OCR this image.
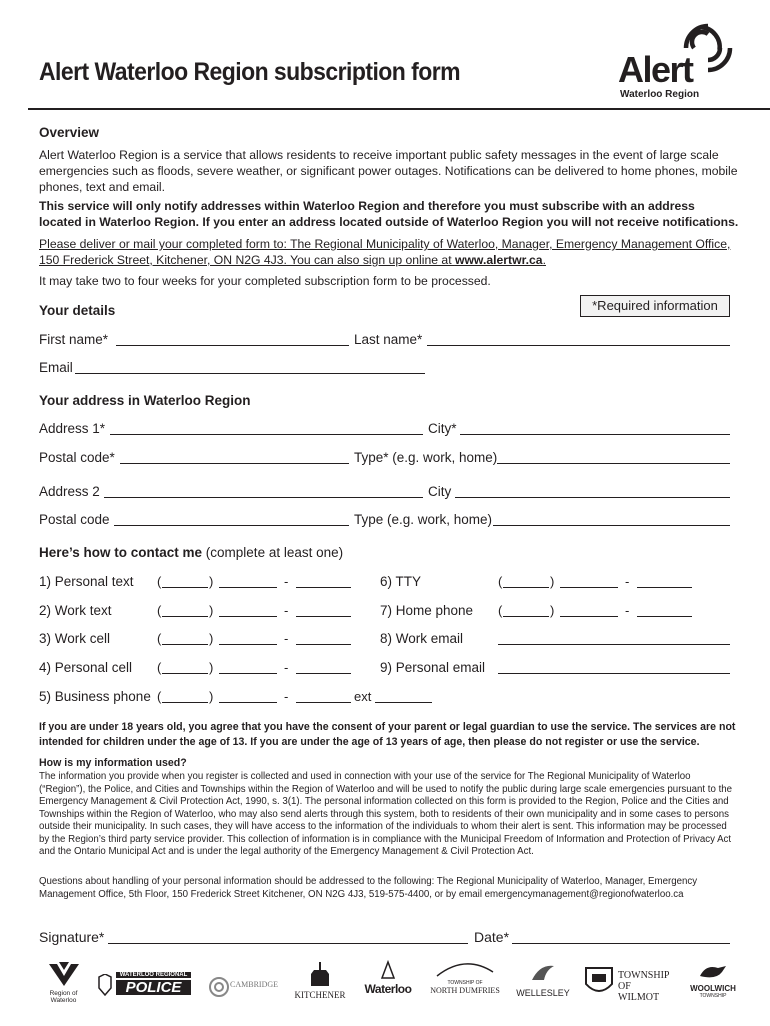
Alert Waterloo Region subscription form	Alert
Waterloo Region
Overview
Alert Waterloo Region is a service that allows residents to receive important public safety messages in the event of large scale emergencies such as floods, severe weather, or significant power outages. Notifications can be delivered to home phones, mobile phones, text and email.
This service will only notify addresses within Waterloo Region and therefore you must subscribe with an address located in Waterloo Region. If you enter an address located outside of Waterloo Region you will not receive notifications.
Please deliver or mail your completed form to: The Regional Municipality of Waterloo, Manager, Emergency Management Office, 150 Frederick Street, Kitchener, ON N2G 4J3. You can also sign up online at www.alertwr.ca.
It may take two to four weeks for your completed subscription form to be processed.
Your details	*Required information
First name*	Last name*
Email
Your address in Waterloo Region
Address 1*	City*
Postal code*	Type* (e.g. work, home)
Address 2	City
Postal code	Type (e.g. work, home)
Here’s how to contact me (complete at least one)
1) Personal text (	)	-
2) Work text	(	)	-
3) Work cell	(	)	-
4) Personal cell (	)	-
5) Business phone (	)	-	ext
6) TTY	(	)	-
7) Home phone (	)	-
8) Work email
9) Personal email
If you are under 18 years old, you agree that you have the consent of your parent or legal guardian to use the service. The services are not intended for children under the age of 13. If you are under the age of 13 years of age, then please do not register or use the service.
How is my information used?
The information you provide when you register is collected and used in connection with your use of the service for The Regional Municipality of Waterloo (“Region”), the Police, and Cities and Townships within the Region of Waterloo and will be used to notify the public during large scale emergencies pursuant to the Emergency Management & Civil Protection Act, 1990, s. 3(1). The personal information collected on this form is provided to the Region, Police and the Cities and Townships within the Region of Waterloo, who may also send alerts through this system, both to residents of their own municipality and in some cases to persons outside their municipality. In such cases, they will have access to the information of the individuals to whom their alert is sent. This information may be processed by the Region’s third party service provider. This collection of information is in compliance with the Municipal Freedom of Information and Protection of Privacy Act and the Ontario Municipal Act and is under the legal authority of the Emergency Management & Civil Protection Act.
Questions about handling of your personal information should be addressed to the following: The Regional Municipality of Waterloo, Manager, Emergency Management Office, 5th Floor, 150 Frederick Street Kitchener, ON N2G 4J3, 519-575-4400, or by email emergencymanagement@regionofwaterloo.ca
Signature*	Date*
Region of Waterloo
WATERLOO REGIONAL
POLICE	CAMBRIDGE
KITCHENER	Waterloo	TOWNSHIP OF
NORTH DUMFRIES	WELLESLEY
TOWNSHIP OF WILMOT
WOOLWICH
TOWNSHIP
